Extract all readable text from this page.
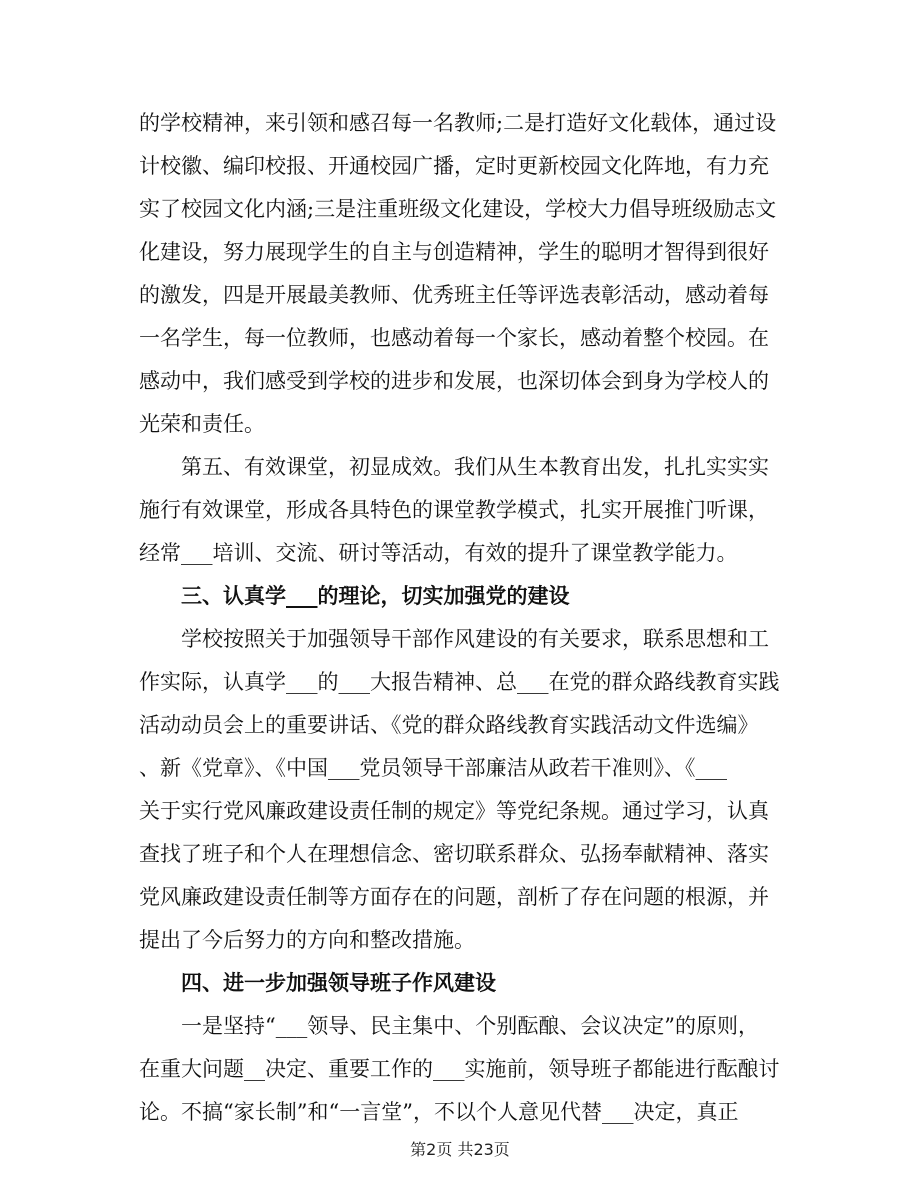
的学校精神，来引领和感召每一名教师;二是打造好文化载体，通过设
计校徽、编印校报、开通校园广播，定时更新校园文化阵地，有力充
实了校园文化内涵;三是注重班级文化建设，学校大力倡导班级励志文
化建设，努力展现学生的自主与创造精神，学生的聪明才智得到很好
的激发，四是开展最美教师、优秀班主任等评选表彰活动，感动着每
一名学生，每一位教师，也感动着每一个家长，感动着整个校园。在
感动中，我们感受到学校的进步和发展，也深切体会到身为学校人的
光荣和责任。
第五、有效课堂，初显成效。我们从生本教育出发，扎扎实实实
施行有效课堂，形成各具特色的课堂教学模式，扎实开展推门听课，
经常___培训、交流、研讨等活动，有效的提升了课堂教学能力。
三、认真学___的理论，切实加强党的建设
学校按照关于加强领导干部作风建设的有关要求，联系思想和工
作实际，认真学___的___大报告精神、总___在党的群众路线教育实践
活动动员会上的重要讲话、《党的群众路线教育实践活动文件选编》
、新《党章》、《中国___党员领导干部廉洁从政若干准则》、《___
关于实行党风廉政建设责任制的规定》等党纪条规。通过学习，认真
查找了班子和个人在理想信念、密切联系群众、弘扬奉献精神、落实
党风廉政建设责任制等方面存在的问题，剖析了存在问题的根源，并
提出了今后努力的方向和整改措施。
四、进一步加强领导班子作风建设
一是坚持“___领导、民主集中、个别酝酿、会议决定”的原则，
在重大问题__决定、重要工作的___实施前，领导班子都能进行酝酿讨
论。不搞“家长制”和“一言堂”，不以个人意见代替___决定，真正
第2页 共23页
